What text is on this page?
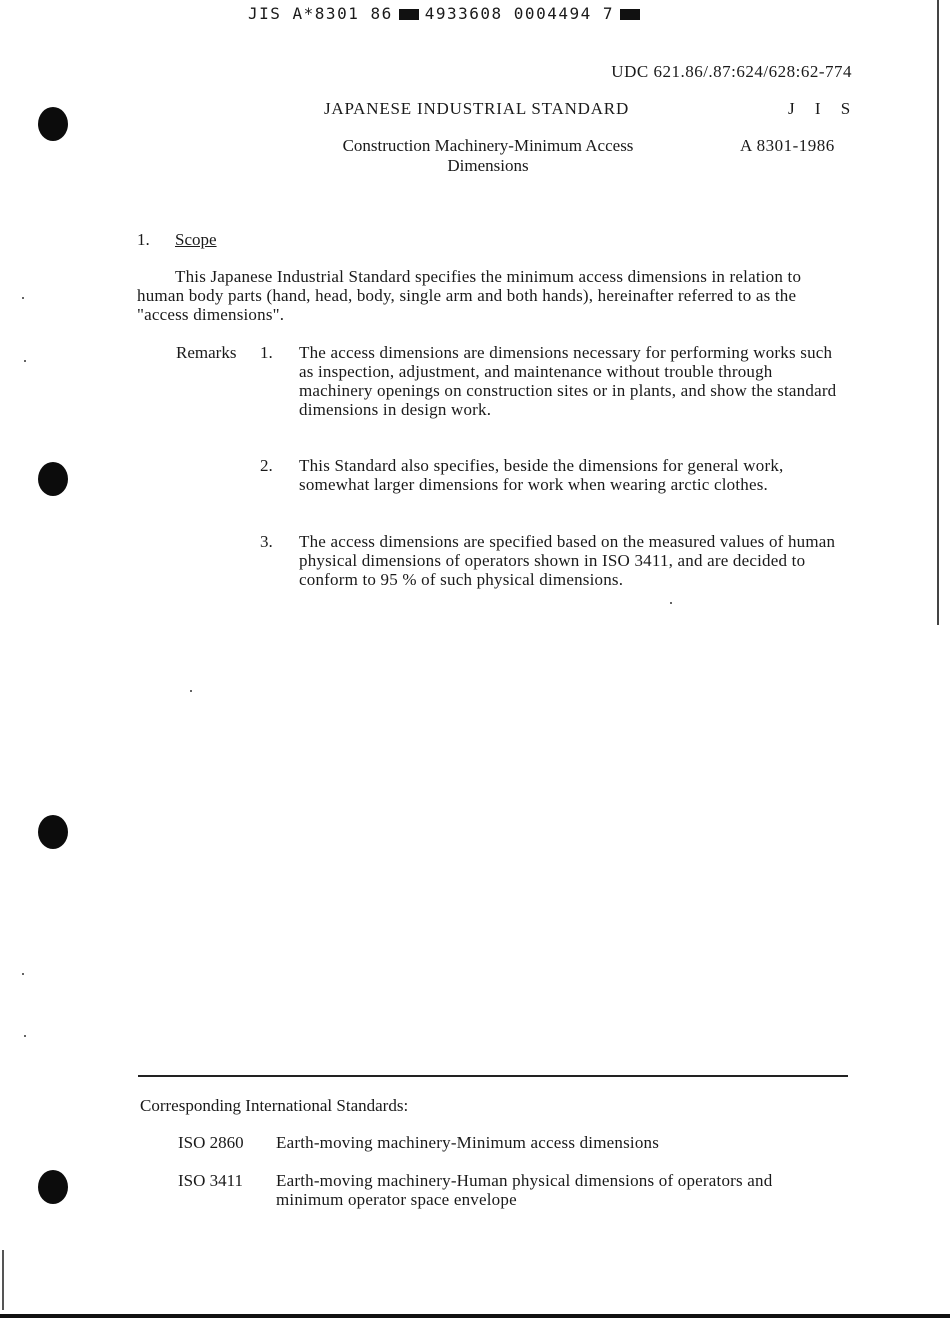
JIS A*8301 86 4933608 0004494 7
UDC 621.86/.87:624/628:62-774
JAPANESE INDUSTRIAL STANDARD	J I S
Construction Machinery-Minimum Access Dimensions
A 8301-1986
1. Scope
This Japanese Industrial Standard specifies the minimum access dimensions in relation to human body parts (hand, head, body, single arm and both hands), hereinafter referred to as the "access dimensions".
Remarks 1. The access dimensions are dimensions necessary for performing works such as inspection, adjustment, and maintenance without trouble through machinery openings on construction sites or in plants, and show the standard dimensions in design work.
2. This Standard also specifies, beside the dimensions for general work, somewhat larger dimensions for work when wearing arctic clothes.
3. The access dimensions are specified based on the measured values of human physical dimensions of operators shown in ISO 3411, and are decided to conform to 95 % of such physical dimensions.
Corresponding International Standards:
ISO 2860 Earth-moving machinery-Minimum access dimensions
ISO 3411 Earth-moving machinery-Human physical dimensions of operators and minimum operator space envelope
